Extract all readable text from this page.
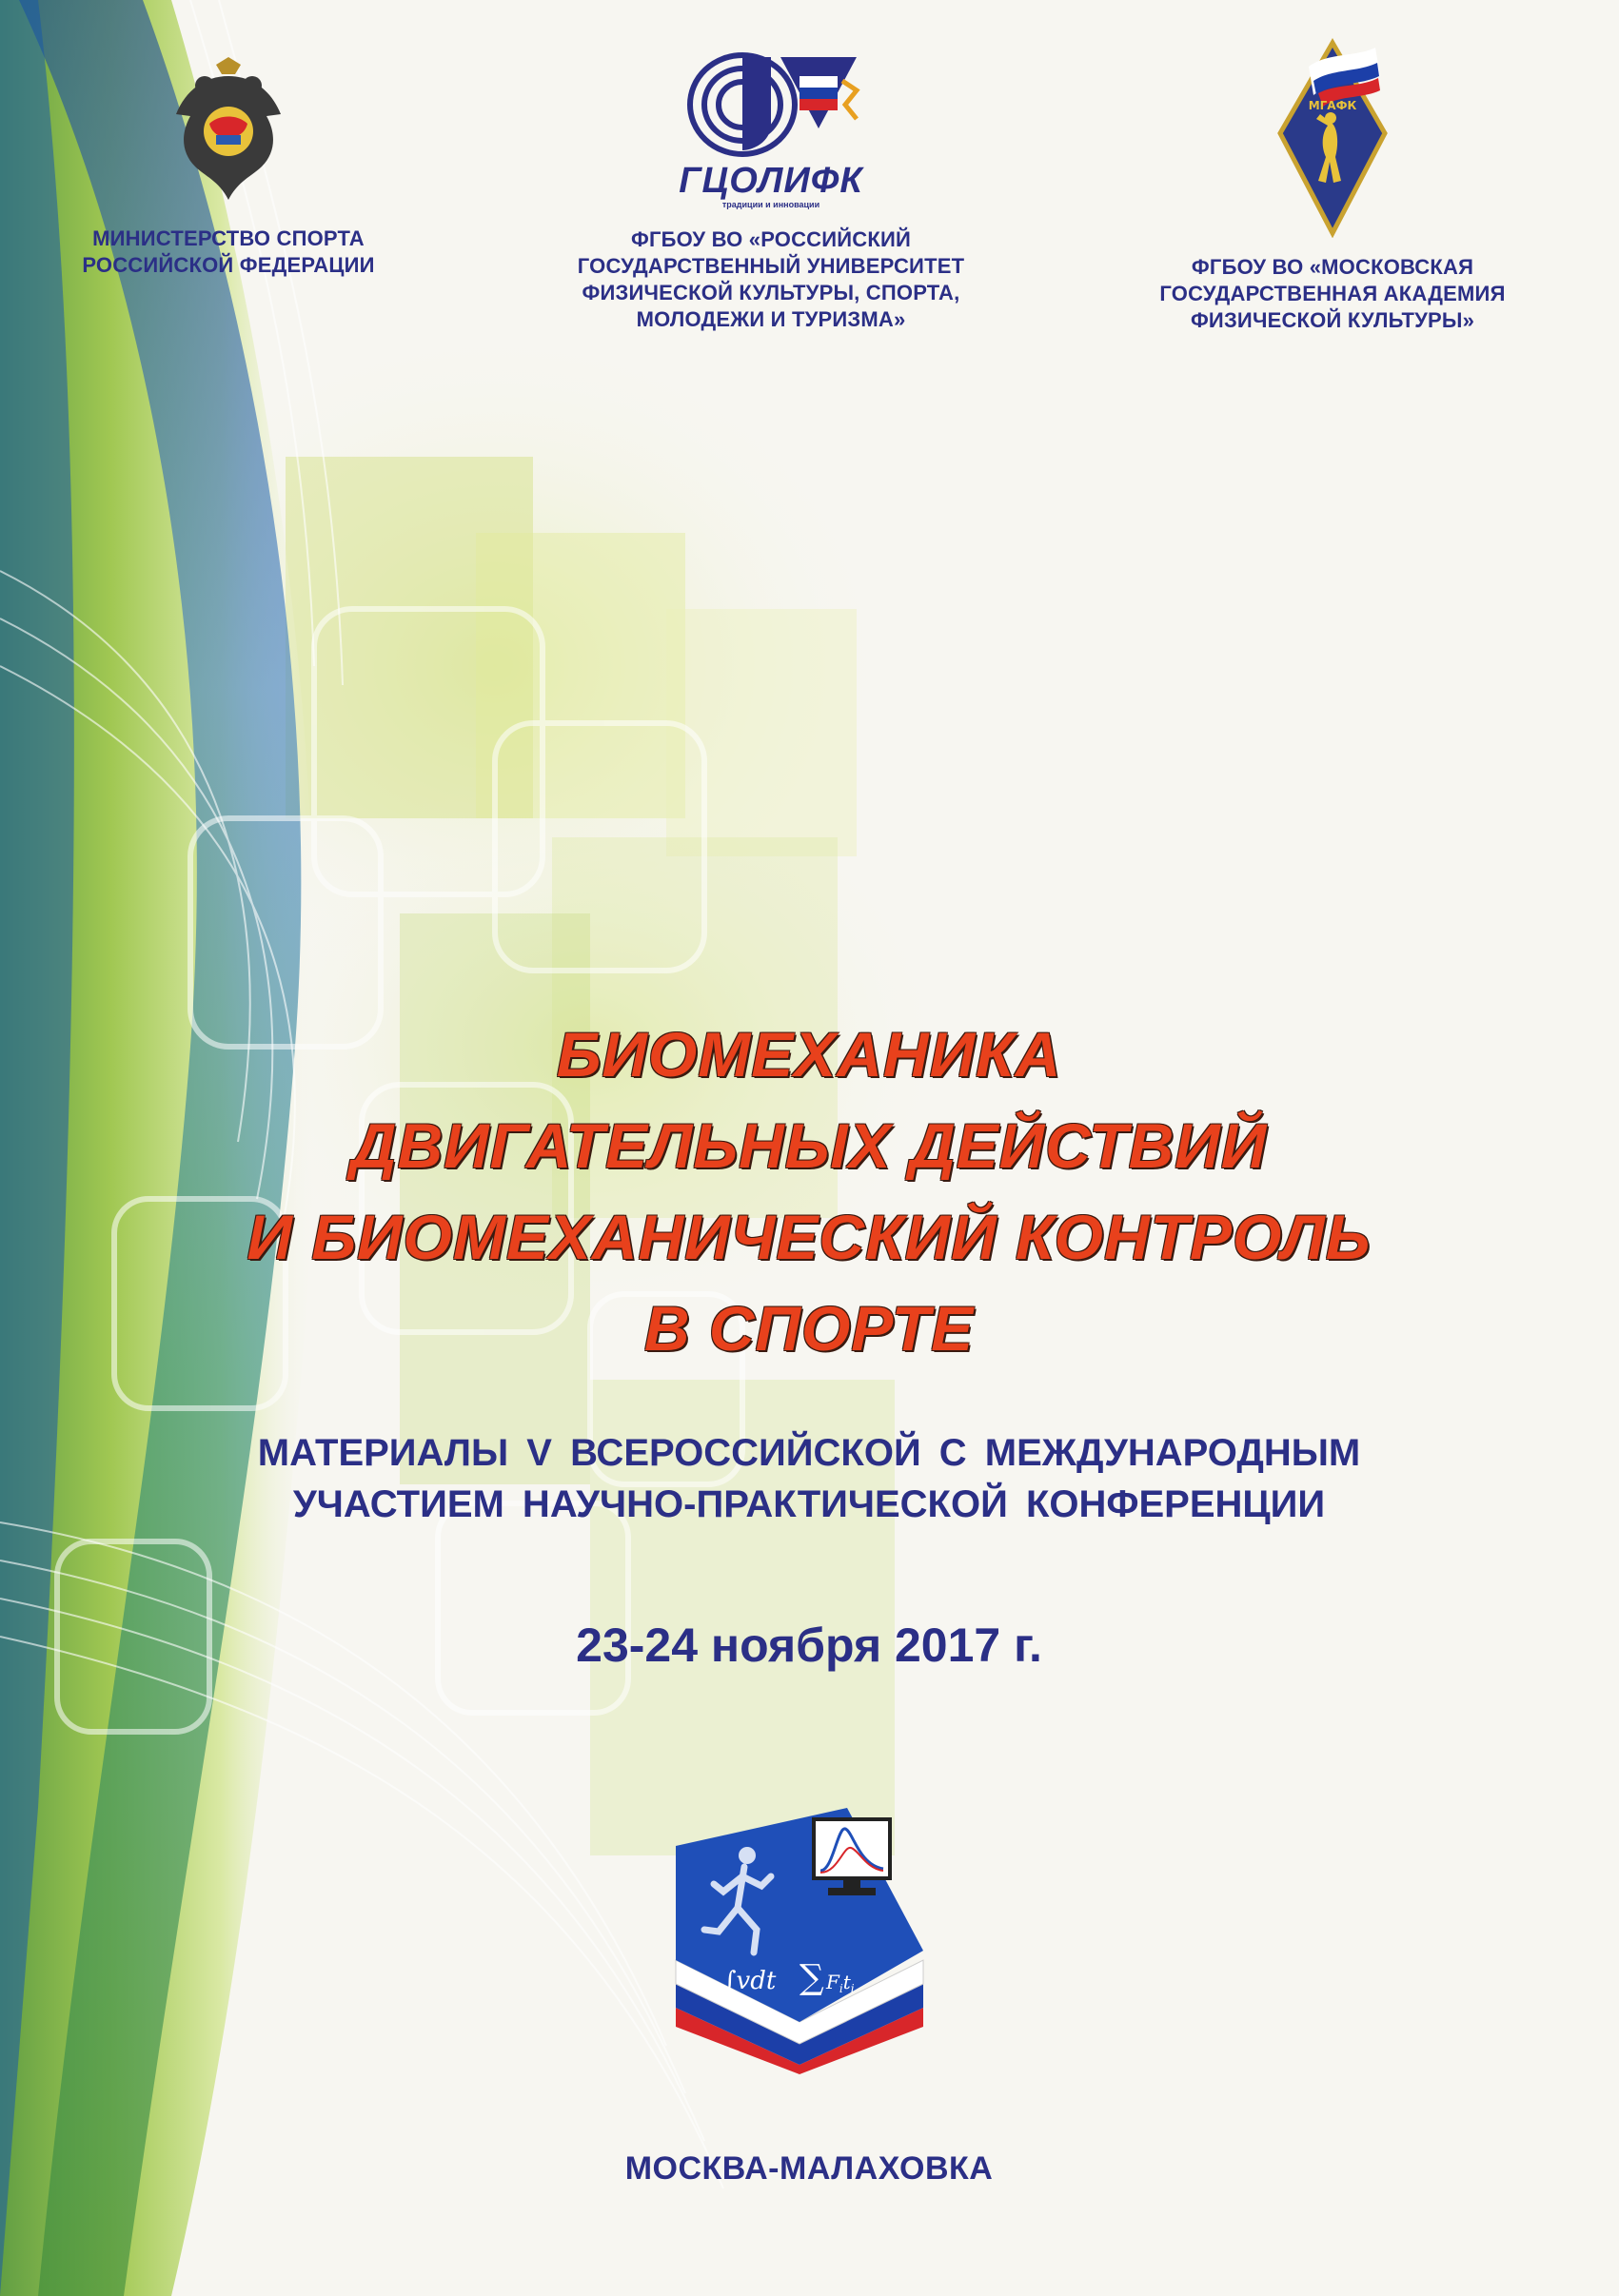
МИНИСТЕРСТВО СПОРТА
РОССИЙСКОЙ ФЕДЕРАЦИИ
ГЦОЛИФК
традиции и инновации
ФГБОУ ВО «РОССИЙСКИЙ
ГОСУДАРСТВЕННЫЙ УНИВЕРСИТЕТ
ФИЗИЧЕСКОЙ КУЛЬТУРЫ, СПОРТА,
МОЛОДЕЖИ И ТУРИЗМА»
МГАФК
ФГБОУ ВО «МОСКОВСКАЯ
ГОСУДАРСТВЕННАЯ АКАДЕМИЯ
ФИЗИЧЕСКОЙ КУЛЬТУРЫ»
БИОМЕХАНИКА
ДВИГАТЕЛЬНЫХ ДЕЙСТВИЙ
И БИОМЕХАНИЧЕСКИЙ КОНТРОЛЬ
В СПОРТЕ
МАТЕРИАЛЫ V ВСЕРОССИЙСКОЙ С МЕЖДУНАРОДНЫМ
УЧАСТИЕМ НАУЧНО-ПРАКТИЧЕСКОЙ КОНФЕРЕНЦИИ
23-24 ноября 2017 г.
∫vdt ∑ $F_it_i$
МОСКВА-МАЛАХОВКА
